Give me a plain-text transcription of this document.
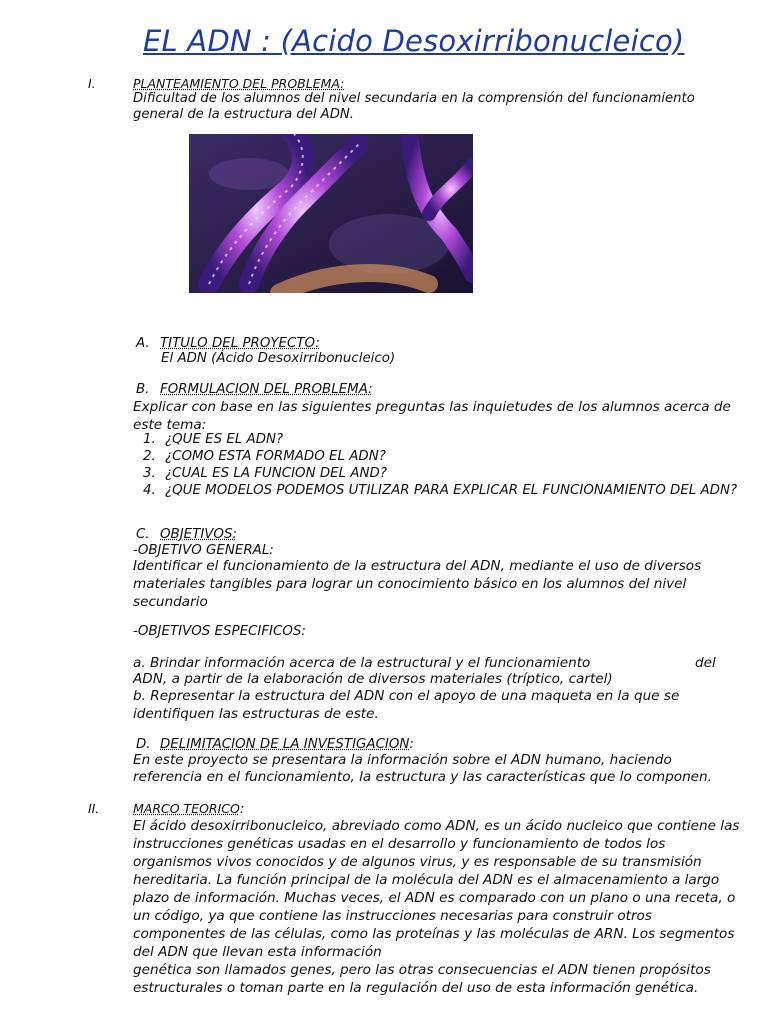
EL ADN : (Acido Desoxirribonucleico)
I.	PLANTEAMIENTO DEL PROBLEMA:
Dificultad de los alumnos del nivel secundaria en la comprensión del funcionamiento general de la estructura del ADN.
A. TITULO DEL PROYECTO:
El ADN (Ácido Desoxirribonucleico)
B. FORMULACION DEL PROBLEMA:
Explicar con base en las siguientes preguntas las inquietudes de los alumnos acerca de este tema:
1. ¿QUE ES EL ADN?
2. ¿COMO ESTA FORMADO EL ADN?
3. ¿CUAL ES LA FUNCION DEL AND?
4. ¿QUE MODELOS PODEMOS UTILIZAR PARA EXPLICAR EL FUNCIONAMIENTO DEL ADN?
C. OBJETIVOS:
-OBJETIVO GENERAL:
Identificar el funcionamiento de la estructura del ADN, mediante el uso de diversos materiales tangibles para lograr un conocimiento básico en los alumnos del nivel secundario
-OBJETIVOS ESPECIFICOS:
a. Brindar información acerca de la estructural y el funcionamiento	del
ADN, a partir de la elaboración de diversos materiales (tríptico, cartel)
b. Representar la estructura del ADN con el apoyo de una maqueta en la que se identifiquen las estructuras de este.
D. DELIMITACION DE LA INVESTIGACION:
En este proyecto se presentara la información sobre el ADN humano, haciendo referencia en el funcionamiento, la estructura y las características que lo componen.
II.	MARCO TEORICO:
El ácido desoxirribonucleico, abreviado como ADN, es un ácido nucleico que contiene las instrucciones genéticas usadas en el desarrollo y funcionamiento de todos los organismos vivos conocidos y de algunos virus, y es responsable de su transmisión hereditaria. La función principal de la molécula del ADN es el almacenamiento a largo plazo de información. Muchas veces, el ADN es comparado con un plano o una receta, o un código, ya que contiene las instrucciones necesarias para construir otros componentes de las células, como las proteínas y las moléculas de ARN. Los segmentos del ADN que llevan esta información
genética son llamados genes, pero las otras consecuencias el ADN tienen propósitos estructurales o toman parte en la regulación del uso de esta información genética.
